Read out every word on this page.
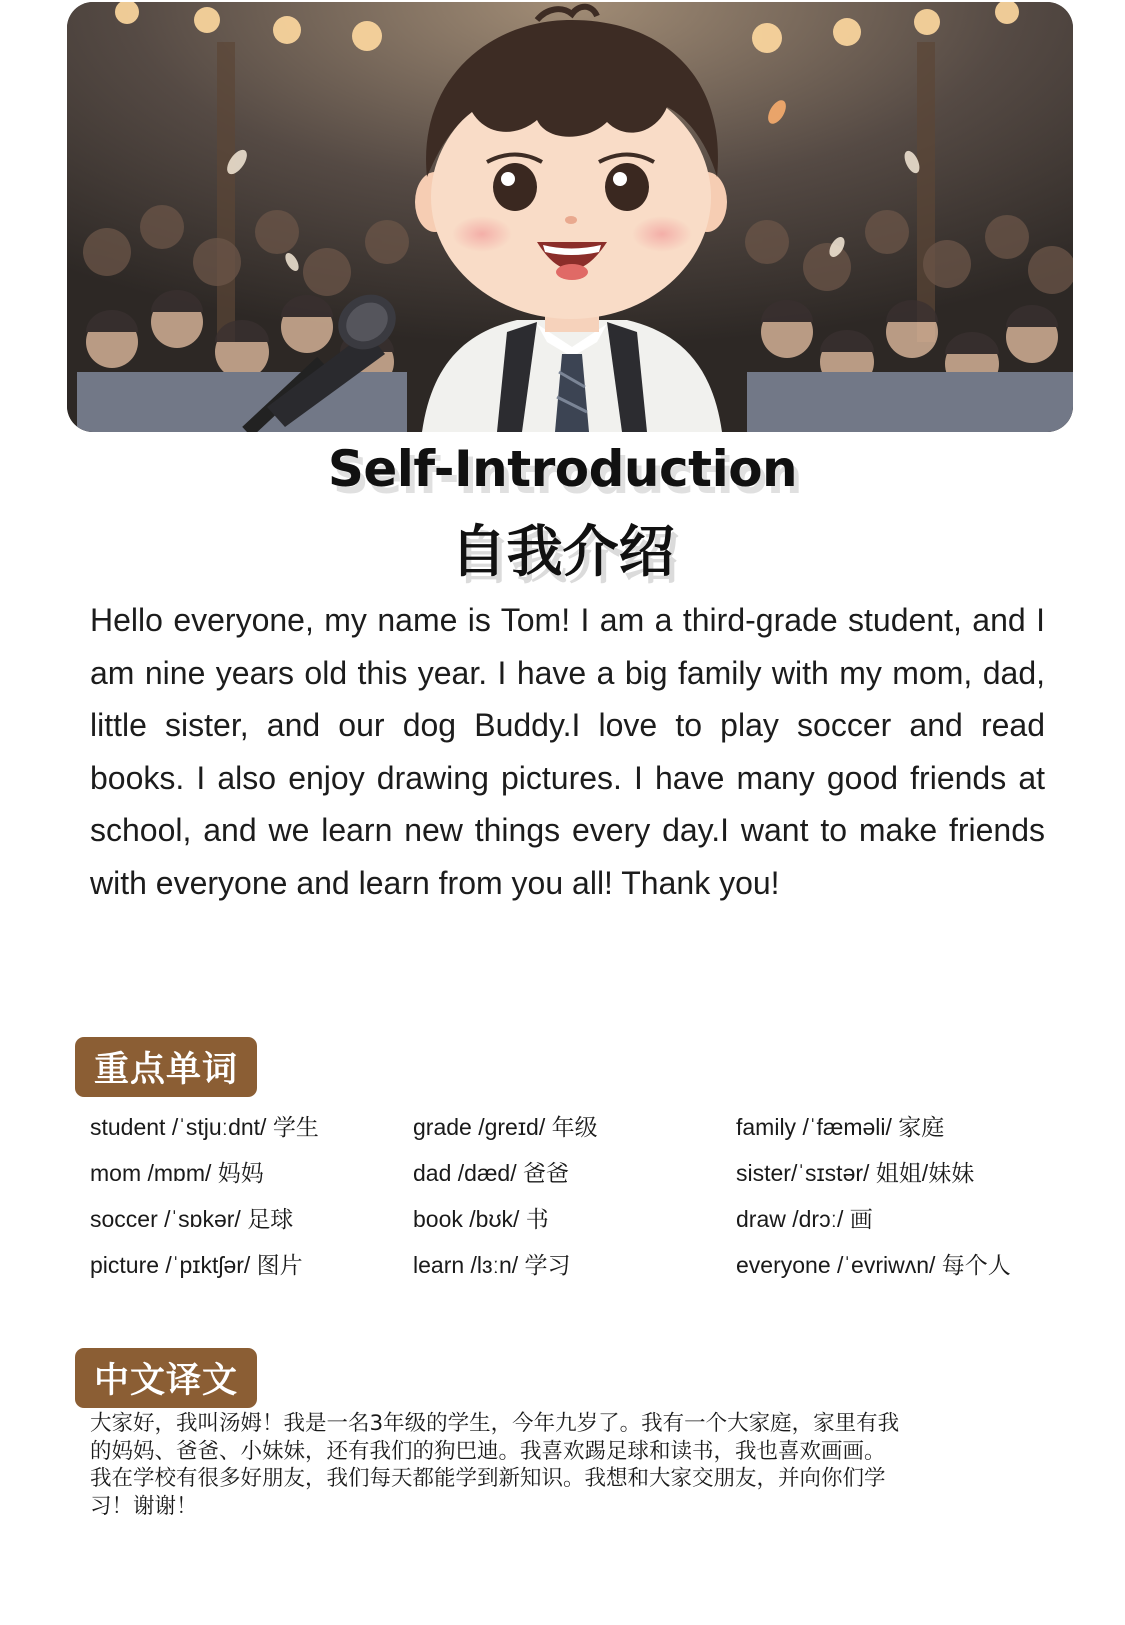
Self-Introduction
自我介绍
Hello everyone, my name is Tom! I am a third-grade student, and I am nine years old this year. I have a big family with my mom, dad, little sister, and our dog Buddy.I love to play soccer and read books. I also enjoy drawing pictures. I have many good friends at school, and we learn new things every day.I want to make friends with everyone and learn from you all! Thank you!
重点单词
student /ˈstjuːdnt/ 学生	grade /ɡreɪd/ 年级	family /ˈfæməli/ 家庭
mom /mɒm/ 妈妈	dad /dæd/ 爸爸	sister/ˈsɪstər/ 姐姐/妹妹
soccer /ˈsɒkər/ 足球	book /bʊk/ 书	draw /drɔː/ 画
picture /ˈpɪktʃər/ 图片	learn /lɜːn/ 学习	everyone /ˈevriwʌn/ 每个人
中文译文
大家好，我叫汤姆！我是一名3年级的学生，今年九岁了。我有一个大家庭，家里有我的妈妈、爸爸、小妹妹，还有我们的狗巴迪。我喜欢踢足球和读书，我也喜欢画画。我在学校有很多好朋友，我们每天都能学到新知识。我想和大家交朋友，并向你们学习！谢谢！
